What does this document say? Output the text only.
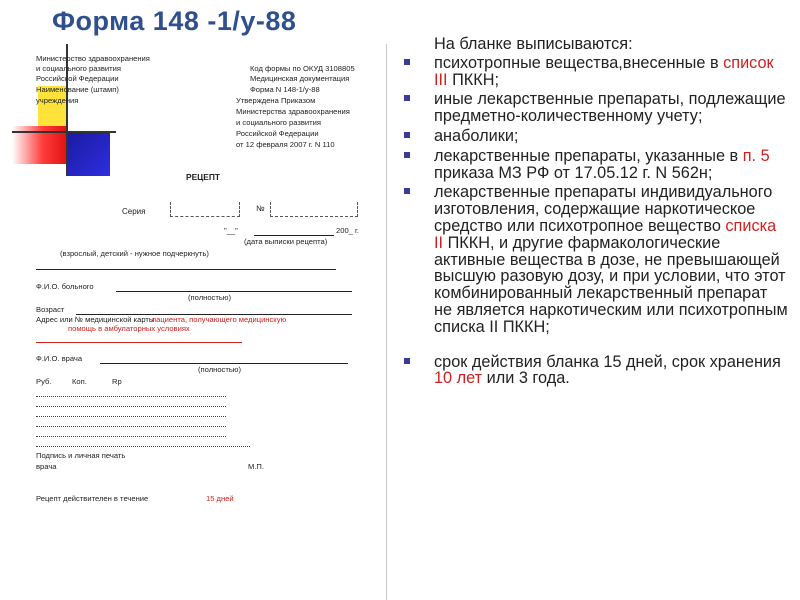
Форма 148 -1/у-88
Министерство здравоохранения
и социального развития
Российской Федерации
Наименование (штамп)
учреждения
Код формы по ОКУД 3108805
Медицинская документация
Форма N 148-1/у-88
Утверждена Приказом
Министерства здравоохранения
и социального развития
Российской Федерации
от 12 февраля 2007 г. N 110
РЕЦЕПТ
Серия	№
"__"	200_ г.
(дата выписки рецепта)
(взрослый, детский - нужное подчеркнуть)
Ф.И.О. больного
(полностью)
Возраст
Адрес или № медицинской карты
пациента, получающего медицинскую
помощь в амбулаторных условиях
Ф.И.О. врача
(полностью)
Руб.	Коп.	Rp
Подпись и личная печать
врача	М.П.
Рецепт действителен в течение	15 дней
На бланке выписываются:
психотропные вещества,внесенные в список III ПККН;
иные лекарственные препараты, подлежащие предметно-количественному учету;
анаболики;
лекарственные препараты, указанные в п. 5 приказа МЗ РФ от 17.05.12 г. N 562н;
лекарственные препараты индивидуального изготовления, содержащие наркотическое средство или психотропное вещество списка II ПККН, и другие фармакологические активные вещества в дозе, не превышающей высшую разовую дозу, и при условии, что этот комбинированный лекарственный препарат не является наркотическим или психотропным списка II ПККН;
срок действия бланка 15 дней, срок хранения 10 лет или 3 года.
